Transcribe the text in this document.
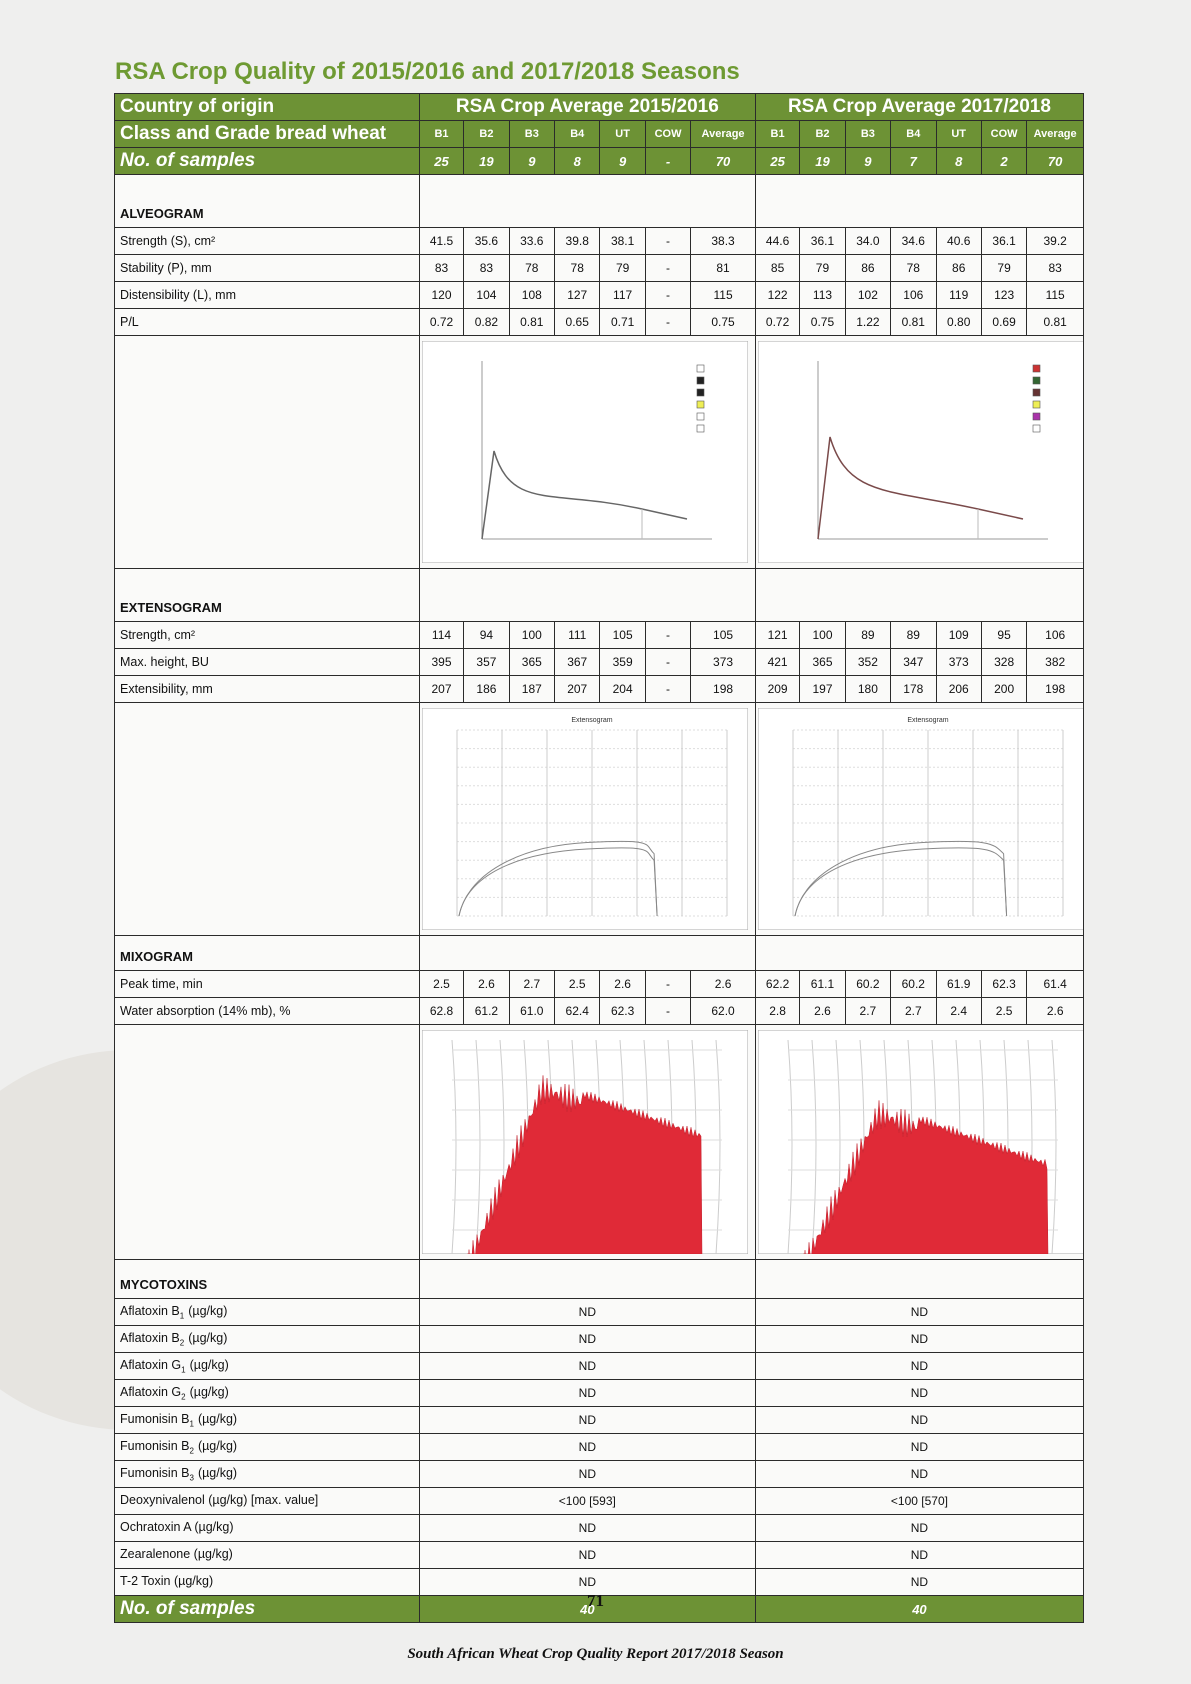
RSA Crop Quality of 2015/2016 and 2017/2018 Seasons
Country of origin	RSA Crop Average 2015/2016							RSA Crop Average 2017/2018						
Class and Grade bread wheat	B1	B2	B3	B4	UT	COW	Average	B1	B2	B3	B4	UT	COW	Average
No. of samples	25	19	9	8	9	-	70	25	19	9	7	8	2	70
ALVEOGRAM														
Strength (S), cm²	41.5	35.6	33.6	39.8	38.1	-	38.3	44.6	36.1	34.0	34.6	40.6	36.1	39.2
Stability (P), mm	83	83	78	78	79	-	81	85	79	86	78	86	79	83
Distensibility (L), mm	120	104	108	127	117	-	115	122	113	102	106	119	123	115
P/L	0.72	0.82	0.81	0.65	0.71	-	0.75	0.72	0.75	1.22	0.81	0.80	0.69	0.81

EXTENSOGRAM														
Strength, cm²	114	94	100	111	105	-	105	121	100	89	89	109	95	106
Max. height, BU	395	357	365	367	359	-	373	421	365	352	347	373	328	382
Extensibility, mm	207	186	187	207	204	-	198	209	197	180	178	206	200	198

Extensogram							Extensogram						

MIXOGRAM														
Peak time, min	2.5	2.6	2.7	2.5	2.6	-	2.6	62.2	61.1	60.2	60.2	61.9	62.3	61.4
Water absorption (14% mb), %	62.8	61.2	61.0	62.4	62.3	-	62.0	2.8	2.6	2.7	2.7	2.4	2.5	2.6

MYCOTOXINS														
Aflatoxin $B_1$ (µg/kg)	ND							ND						
Aflatoxin $B_2$ (µg/kg)	ND							ND						
Aflatoxin $G_1$ (µg/kg)	ND							ND						
Aflatoxin $G_2$ (µg/kg)	ND							ND						
Fumonisin $B_1$ (µg/kg)	ND							ND						
Fumonisin $B_2$ (µg/kg)	ND							ND						
Fumonisin $B_3$ (µg/kg)	ND							ND						
Deoxynivalenol (µg/kg) [max. value]	<100 [593]							<100 [570]						
Ochratoxin A (µg/kg)	ND							ND						
Zearalenone (µg/kg)	ND							ND						
T-2 Toxin (µg/kg)	ND							ND						
No. of samples	40							40						
71
South African Wheat Crop Quality Report 2017/2018 Season
